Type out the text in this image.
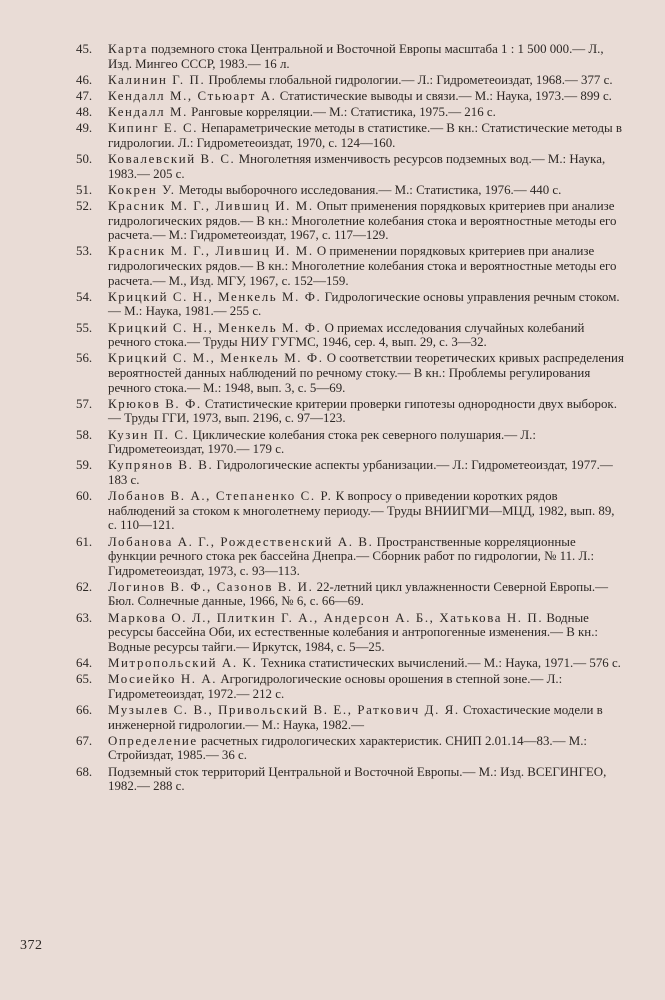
45. Карта подземного стока Центральной и Восточной Европы масштаба 1 : 1 500 000.— Л., Изд. Мингео СССР, 1983.— 16 л.
46. Калинин Г. П. Проблемы глобальной гидрологии.— Л.: Гидрометеоиздат, 1968.— 377 с.
47. Кендалл М., Стьюарт А. Статистические выводы и связи.— М.: Наука, 1973.— 899 с.
48. Кендалл М. Ранговые корреляции.— М.: Статистика, 1975.— 216 с.
49. Кипинг Е. С. Непараметрические методы в статистике.— В кн.: Статистические методы в гидрологии. Л.: Гидрометеоиздат, 1970, с. 124—160.
50. Ковалевский В. С. Многолетняя изменчивость ресурсов подземных вод.— М.: Наука, 1983.— 205 с.
51. Кокрен У. Методы выборочного исследования.— М.: Статистика, 1976.— 440 с.
52. Красник М. Г., Лившиц И. М. Опыт применения порядковых критериев при анализе гидрологических рядов.— В кн.: Многолетние колебания стока и вероятностные методы его расчета.— М.: Гидрометеоиздат, 1967, с. 117—129.
53. Красник М. Г., Лившиц И. М. О применении порядковых критериев при анализе гидрологических рядов.— В кн.: Многолетние колебания стока и вероятностные методы его расчета.— М., Изд. МГУ, 1967, с. 152—159.
54. Крицкий С. Н., Менкель М. Ф. Гидрологические основы управления речным стоком.— М.: Наука, 1981.— 255 с.
55. Крицкий С. Н., Менкель М. Ф. О приемах исследования случайных колебаний речного стока.— Труды НИУ ГУГМС, 1946, сер. 4, вып. 29, с. 3—32.
56. Крицкий С. М., Менкель М. Ф. О соответствии теоретических кривых распределения вероятностей данных наблюдений по речному стоку.— В кн.: Проблемы регулирования речного стока.— М.: 1948, вып. 3, с. 5—69.
57. Крюков В. Ф. Статистические критерии проверки гипотезы однородности двух выборок.— Труды ГГИ, 1973, вып. 2196, с. 97—123.
58. Кузин П. С. Циклические колебания стока рек северного полушария.— Л.: Гидрометеоиздат, 1970.— 179 с.
59. Купрянов В. В. Гидрологические аспекты урбанизации.— Л.: Гидрометеоиздат, 1977.— 183 с.
60. Лобанов В. А., Степаненко С. Р. К вопросу о приведении коротких рядов наблюдений за стоком к многолетнему периоду.— Труды ВНИИГМИ—МЦД, 1982, вып. 89, с. 110—121.
61. Лобанова А. Г., Рождественский А. В. Пространственные корреляционные функции речного стока рек бассейна Днепра.— Сборник работ по гидрологии, № 11. Л.: Гидрометеоиздат, 1973, с. 93—113.
62. Логинов В. Ф., Сазонов В. И. 22-летний цикл увлажненности Северной Европы.— Бюл. Солнечные данные, 1966, № 6, с. 66—69.
63. Маркова О. Л., Плиткин Г. А., Андерсон А. Б., Хатькова Н. П. Водные ресурсы бассейна Оби, их естественные колебания и антропогенные изменения.— В кн.: Водные ресурсы тайги.— Иркутск, 1984, с. 5—25.
64. Митропольский А. К. Техника статистических вычислений.— М.: Наука, 1971.— 576 с.
65. Мосиейко Н. А. Агрогидрологические основы орошения в степной зоне.— Л.: Гидрометеоиздат, 1972.— 212 с.
66. Музылев С. В., Привольский В. Е., Раткович Д. Я. Стохастические модели в инженерной гидрологии.— М.: Наука, 1982.—
67. Определение расчетных гидрологических характеристик. СНИП 2.01.14—83.— М.: Стройиздат, 1985.— 36 с.
68. Подземный сток территорий Центральной и Восточной Европы.— М.: Изд. ВСЕГИНГЕО, 1982.— 288 с.
372
